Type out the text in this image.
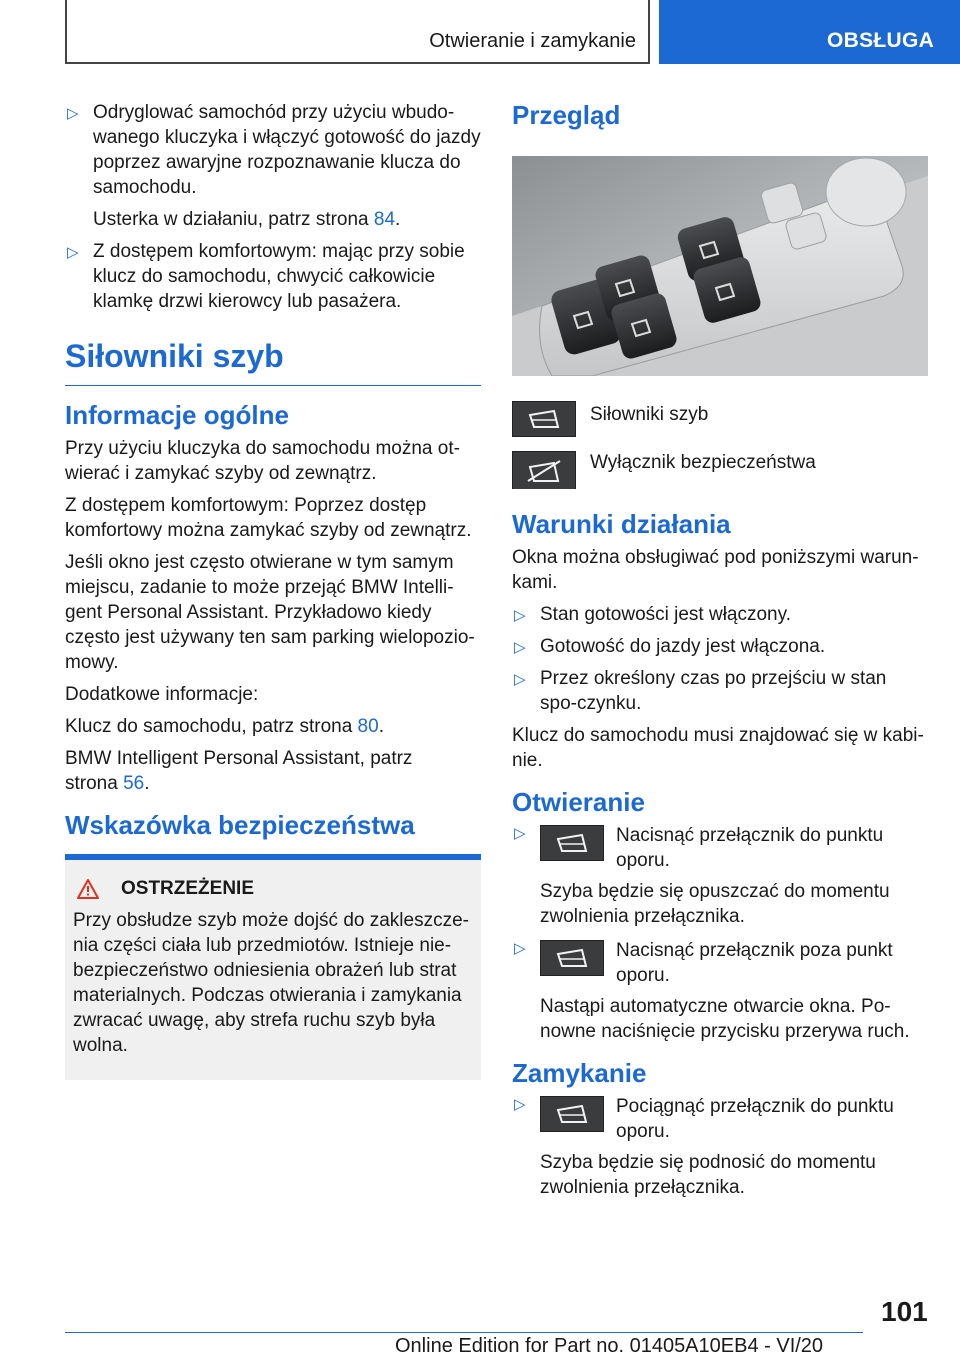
Otwieranie i zamykanie	OBSŁUGA
▷ Odryglować samochód przy użyciu wbudo-wanego kluczyka i włączyć gotowość do jazdy poprzez awaryjne rozpoznawanie klucza do samochodu.

Usterka w działaniu, patrz strona 84.

▷ Z dostępem komfortowym: mając przy sobie klucz do samochodu, chwycić całkowicie klamkę drzwi kierowcy lub pasażera.
Siłowniki szyb
Informacje ogólne

Przy użyciu kluczyka do samochodu można ot-wierać i zamykać szyby od zewnątrz.

Z dostępem komfortowym: Poprzez dostęp komfortowy można zamykać szyby od zewnątrz.

Jeśli okno jest często otwierane w tym samym miejscu, zadanie to może przejąć BMW Intelli-gent Personal Assistant. Przykładowo kiedy często jest używany ten sam parking wielopozio-mowy.

Dodatkowe informacje:

Klucz do samochodu, patrz strona 80.

BMW Intelligent Personal Assistant, patrz strona 56.

Wskazówka bezpieczeństwa
OSTRZEŻENIE

Przy obsłudze szyb może dojść do zakleszcze-nia części ciała lub przedmiotów. Istnieje nie-bezpieczeństwo odniesienia obrażeń lub strat materialnych. Podczas otwierania i zamykania zwracać uwagę, aby strefa ruchu szyb była wolna.

Przegląd
Siłowniki szyb
Wyłącznik bezpieczeństwa
Warunki działania

Okna można obsługiwać pod poniższymi warun-kami.

▷ Stan gotowości jest włączony.
▷ Gotowość do jazdy jest włączona.
▷ Przez określony czas po przejściu w stan spo-czynku.

Klucz do samochodu musi znajdować się w kabi-nie.

Otwieranie
▷	Nacisnąć przełącznik do punktu oporu.

Szyba będzie się opuszczać do momentu zwolnienia przełącznika.

▷	Nacisnąć przełącznik poza punkt oporu.

Nastąpi automatyczne otwarcie okna. Po-nowne naciśnięcie przycisku przerywa ruch.

Zamykanie
▷	Pociągnąć przełącznik do punktu oporu.

Szyba będzie się podnosić do momentu zwolnienia przełącznika.

101
Online Edition for Part no. 01405A10EB4 - VI/20
